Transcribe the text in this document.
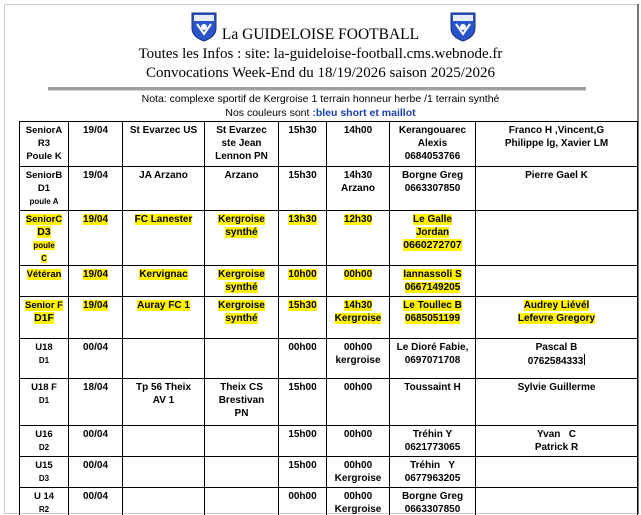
La GUIDELOISE FOOTBALL
Toutes les Infos : site: la-guideloise-football.cms.webnode.fr
Convocations Week-End du 18/19/2026 saison 2025/2026
Nota: complexe sportif de Kergroise 1 terrain honneur herbe /1 terrain synthé
Nos couleurs sont :bleu short et maillot
SeniorA
R3
Poule K	19/04	St Evarzec US	St Evarzec
ste Jean
Lennon PN	15h30	14h00	Kerangouarec
Alexis
0684053766	Franco H ,Vincent,G
Philippe lg, Xavier LM
SeniorB
D1
poule A	19/04	JA Arzano	Arzano	15h30	14h30
Arzano	Borgne Greg
0663307850	Pierre Gael K
SeniorC
D3
poule
C	19/04	FC Lanester	Kergroise
synthé	13h30	12h30	Le Galle
Jordan
0660272707	
Vétéran	19/04	Kervignac	Kergroise
synthé	10h00	00h00	Iannassoli S
0667149205	
Senior F
D1F	19/04	Auray FC 1	Kergroise
synthé	15h30	14h30
Kergroise	Le Toullec B
0685051199	Audrey Liévél
Lefevre Gregory
U18
D1	00/04			00h00	00h00
kergroise	Le Dioré Fabie,
0697071708	Pascal B
0762584333
U18 F
D1	18/04	Tp 56 Theix
AV 1	Theix CS
Brestivan
PN	15h00	00h00	Toussaint H	Sylvie Guillerme
U16
D2	00/04			15h00	00h00	Tréhin Y
0621773065	Yvan   C
Patrick R
U15
D3	00/04			15h00	00h00
Kergroise	Tréhin   Y
0677963205	
U 14
R2	00/04			00h00	00h00
Kergroise	Borgne Greg
0663307850	
